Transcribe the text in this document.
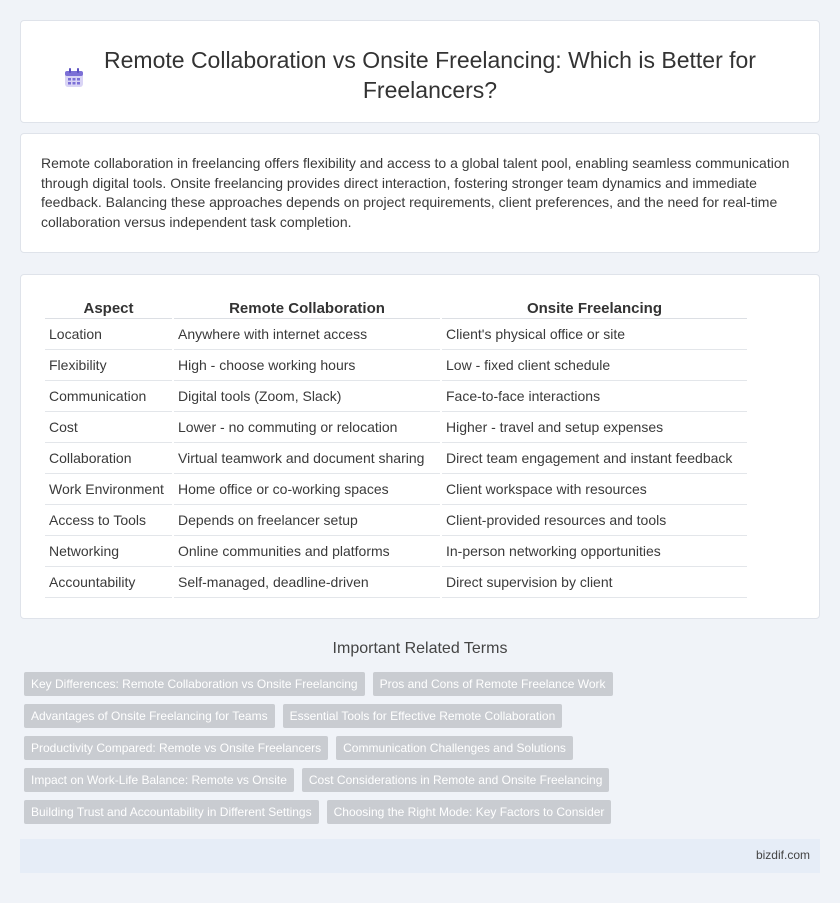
Remote Collaboration vs Onsite Freelancing: Which is Better for Freelancers?

Remote collaboration in freelancing offers flexibility and access to a global talent pool, enabling seamless communication through digital tools. Onsite freelancing provides direct interaction, fostering stronger team dynamics and immediate feedback. Balancing these approaches depends on project requirements, client preferences, and the need for real-time collaboration versus independent task completion.

Aspect	Remote Collaboration	Onsite Freelancing
Location	Anywhere with internet access	Client's physical office or site
Flexibility	High - choose working hours	Low - fixed client schedule
Communication	Digital tools (Zoom, Slack)	Face-to-face interactions
Cost	Lower - no commuting or relocation	Higher - travel and setup expenses
Collaboration	Virtual teamwork and document sharing	Direct team engagement and instant feedback
Work Environment	Home office or co-working spaces	Client workspace with resources
Access to Tools	Depends on freelancer setup	Client-provided resources and tools
Networking	Online communities and platforms	In-person networking opportunities
Accountability	Self-managed, deadline-driven	Direct supervision by client
Important Related Terms
Key Differences: Remote Collaboration vs Onsite Freelancing	Pros and Cons of Remote Freelance Work
Advantages of Onsite Freelancing for Teams	Essential Tools for Effective Remote Collaboration
Productivity Compared: Remote vs Onsite Freelancers	Communication Challenges and Solutions
Impact on Work-Life Balance: Remote vs Onsite	Cost Considerations in Remote and Onsite Freelancing
Building Trust and Accountability in Different Settings	Choosing the Right Mode: Key Factors to Consider
bizdif.com
